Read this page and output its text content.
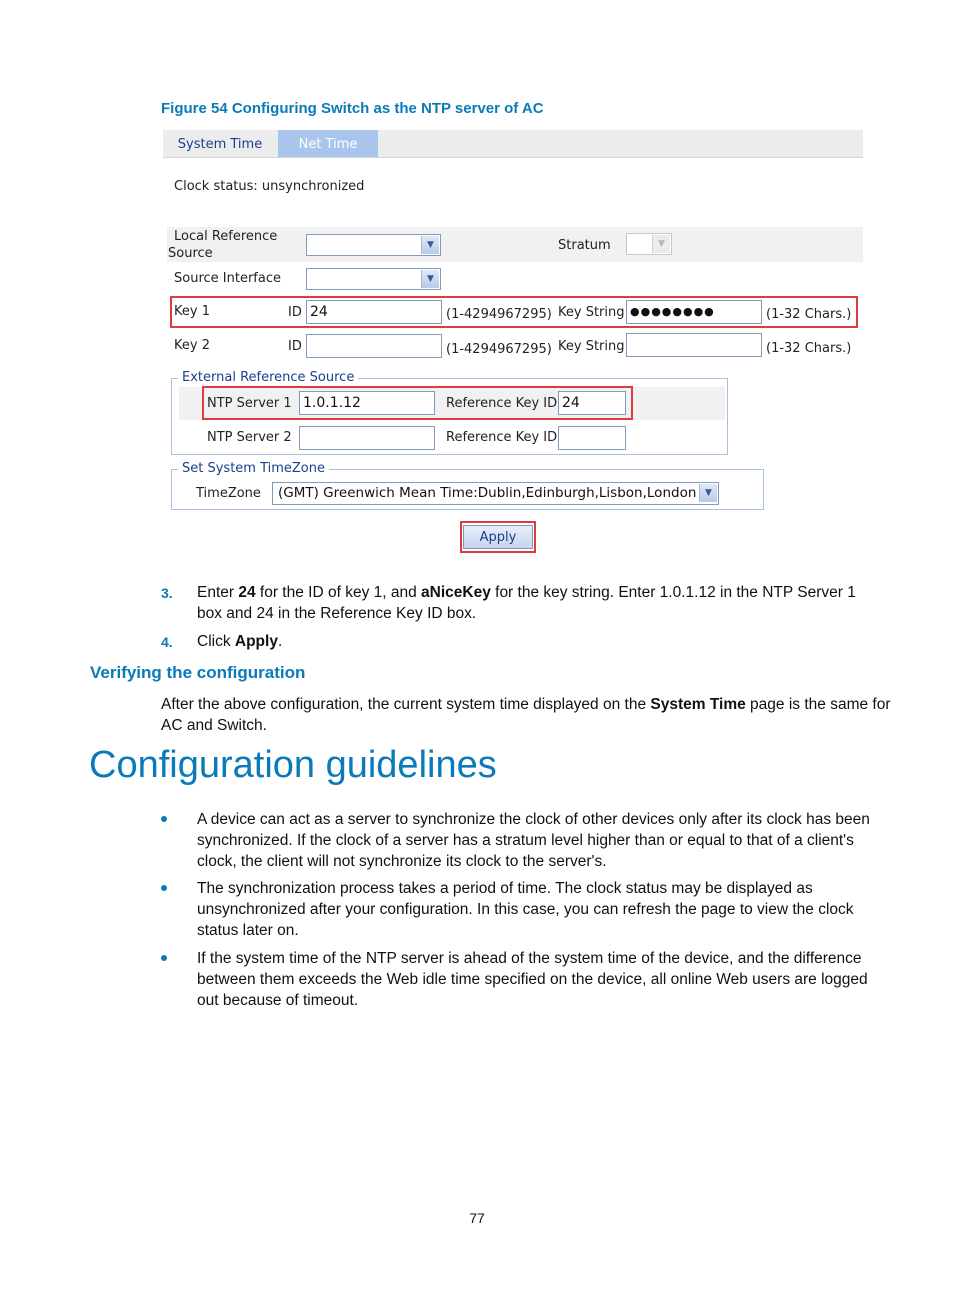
Figure 54 Configuring Switch as the NTP server of AC
System Time	Net Time
Clock status: unsynchronized
Local Reference
Source
▼	Stratum	▼
Source Interface	▼
Key 1	ID 24	(1-4294967295) Key String ●●●●●●●●	(1-32 Chars.)
Key 2	ID	(1-4294967295) Key String	(1-32 Chars.)
External Reference Source
NTP Server 1 1.0.1.12	Reference Key ID 24
NTP Server 2	Reference Key ID
Set System TimeZone
TimeZone (GMT) Greenwich Mean Time:Dublin,Edinburgh,Lisbon,London ▼
Apply
3. Enter 24 for the ID of key 1, and aNiceKey for the key string. Enter 1.0.1.12 in the NTP Server 1
box and 24 in the Reference Key ID box.
4. Click Apply.
Verifying the configuration
After the above configuration, the current system time displayed on the System Time page is the same for
AC and Switch.
Configuration guidelines
A device can act as a server to synchronize the clock of other devices only after its clock has been
synchronized. If the clock of a server has a stratum level higher than or equal to that of a client's
clock, the client will not synchronize its clock to the server's.
The synchronization process takes a period of time. The clock status may be displayed as
unsynchronized after your configuration. In this case, you can refresh the page to view the clock
status later on.
If the system time of the NTP server is ahead of the system time of the device, and the difference
between them exceeds the Web idle time specified on the device, all online Web users are logged
out because of timeout.
77
